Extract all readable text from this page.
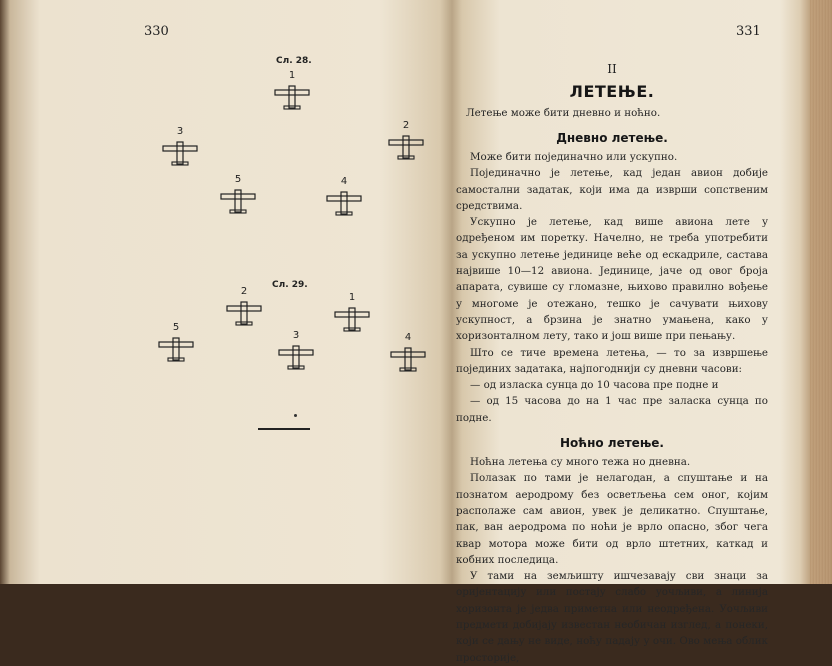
330
Сл. 28.
1
2
3
4
5
Сл. 29.
1
2
3	4
5
331
II
ЛЕТЕЊЕ.

Летење може бити дневно и ноћно.

Дневно летење.

Може бити појединачно или ускупно.

Појединачно је летење, кад један авион добије самостални задатак, који има да изврши сопственим средствима.

Ускупно је летење, кад више авиона лете у одређеном им поретку. Начелно, не треба употребити за ускупно летење јединице веће од ескадриле, састава највише 10—12 авиона. Јединице, јаче од овог броја апарата, сувише су гломазне, њихово правилно вођење у многоме је отежано, тешко је сачувати њихову ускупност, а брзина је знатно умањена, како у хоризонталном лету, тако и још више при пењању.

Што се тиче времена летења, — то за извршење појединих задатака, најпогоднији су дневни часови:

— од изласка сунца до 10 часова пре подне и

— од 15 часова до на 1 час пре заласка сунца по подне.

Ноћно летење.

Ноћна летења су много тежа но дневна.

Полазак по тами је нелагодан, а спуштање и на познатом аеродрому без осветљења сем оног, којим располаже сам авион, увек је деликатно. Спуштање, пак, ван аеродрома по ноћи је врло опасно, због чега квар мотора може бити од врло штетних, каткад и кобних последица.

У тами на земљишту ишчезавају сви знаци за оријентацију или постају слабо уочљиви, а линија хоризонта је једва приметна или неодређена. Уочљиви предмети добијају известан необичан изглед, а понеки, који се дању не виде, ноћу падају у очи. Ово мења облик просторије,
